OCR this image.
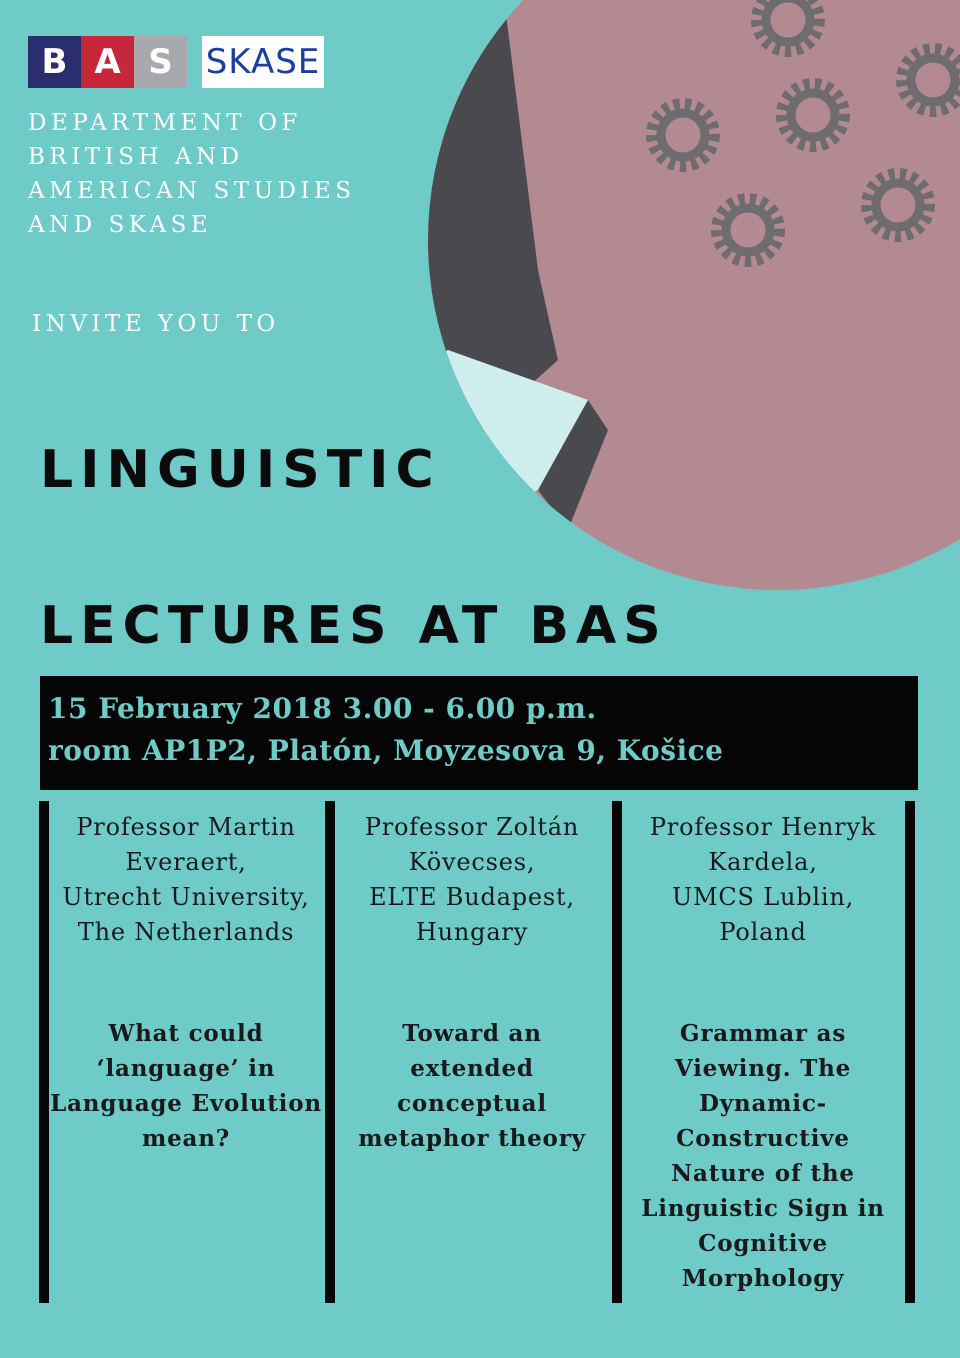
B A S SKASE
DEPARTMENT OF
BRITISH AND
AMERICAN STUDIES
AND SKASE
INVITE YOU TO
LINGUISTIC
LECTURES AT BAS
15 February 2018 3.00 - 6.00 p.m.
room AP1P2, Platón, Moyzesova 9, Košice
Professor Martin
Everaert,
Utrecht University,
The Netherlands
What could
‘language’ in
Language Evolution
mean?
Professor Zoltán
Kövecses,
ELTE Budapest,
Hungary
Toward an
extended
conceptual
metaphor theory
Professor Henryk
Kardela,
UMCS Lublin,
Poland
Grammar as
Viewing. The
Dynamic-
Constructive
Nature of the
Linguistic Sign in
Cognitive
Morphology
